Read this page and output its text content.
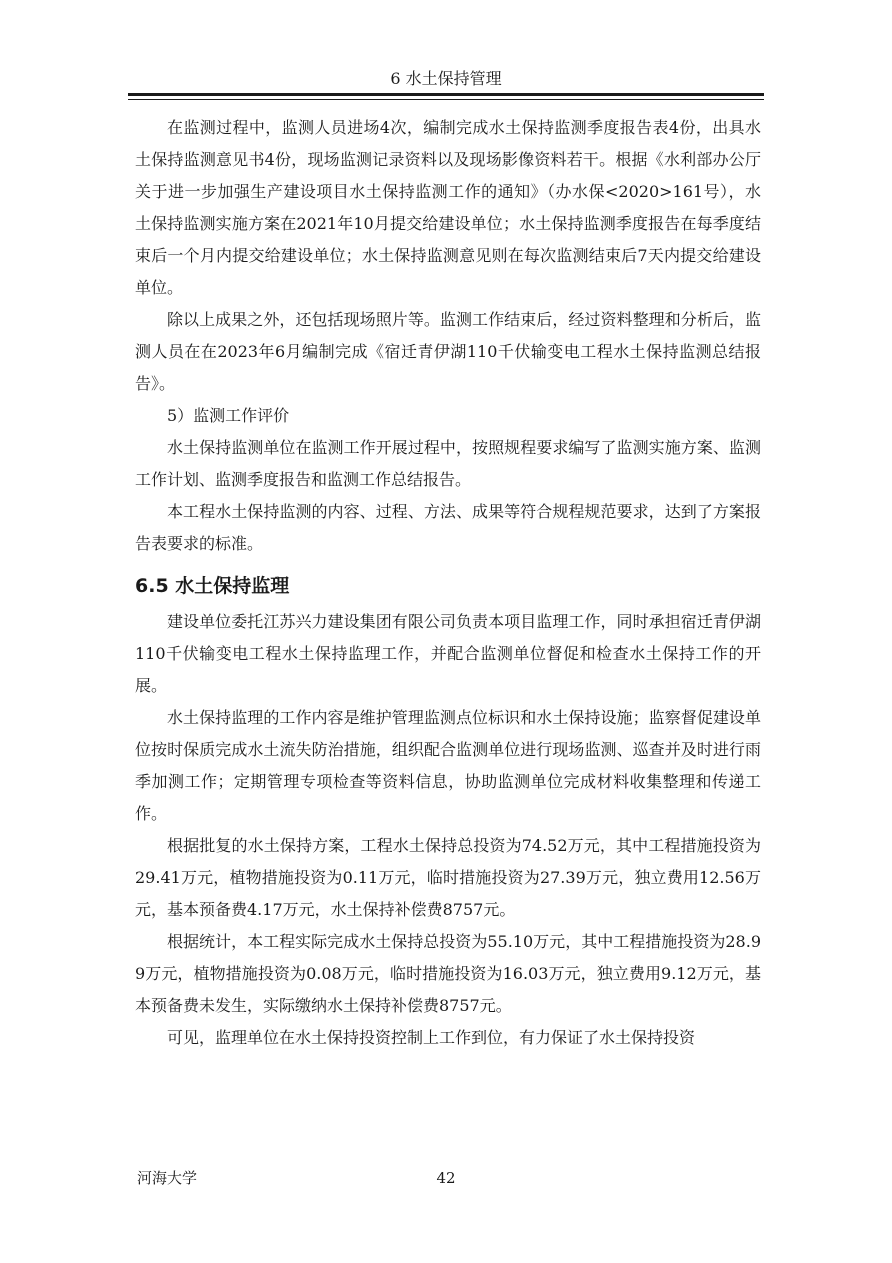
6 水土保持管理

在监测过程中，监测人员进场4次，编制完成水土保持监测季度报告表4份，出具水土保持监测意见书4份，现场监测记录资料以及现场影像资料若干。根据《水利部办公厅关于进一步加强生产建设项目水土保持监测工作的通知》（办水保<2020>161号），水土保持监测实施方案在2021年10月提交给建设单位；水土保持监测季度报告在每季度结束后一个月内提交给建设单位；水土保持监测意见则在每次监测结束后7天内提交给建设单位。

除以上成果之外，还包括现场照片等。监测工作结束后，经过资料整理和分析后，监测人员在在2023年6月编制完成《宿迁青伊湖110千伏输变电工程水土保持监测总结报告》。

5）监测工作评价

水土保持监测单位在监测工作开展过程中，按照规程要求编写了监测实施方案、监测工作计划、监测季度报告和监测工作总结报告。

本工程水土保持监测的内容、过程、方法、成果等符合规程规范要求，达到了方案报告表要求的标准。

6.5 水土保持监理

建设单位委托江苏兴力建设集团有限公司负责本项目监理工作，同时承担宿迁青伊湖110千伏输变电工程水土保持监理工作，并配合监测单位督促和检查水土保持工作的开展。

水土保持监理的工作内容是维护管理监测点位标识和水土保持设施；监察督促建设单位按时保质完成水土流失防治措施，组织配合监测单位进行现场监测、巡查并及时进行雨季加测工作；定期管理专项检查等资料信息，协助监测单位完成材料收集整理和传递工作。

根据批复的水土保持方案，工程水土保持总投资为74.52万元，其中工程措施投资为29.41万元，植物措施投资为0.11万元，临时措施投资为27.39万元，独立费用12.56万元，基本预备费4.17万元，水土保持补偿费8757元。

根据统计，本工程实际完成水土保持总投资为55.10万元，其中工程措施投资为28.99万元，植物措施投资为0.08万元，临时措施投资为16.03万元，独立费用9.12万元，基本预备费未发生，实际缴纳水土保持补偿费8757元。

可见，监理单位在水土保持投资控制上工作到位，有力保证了水土保持投资

河海大学	42
